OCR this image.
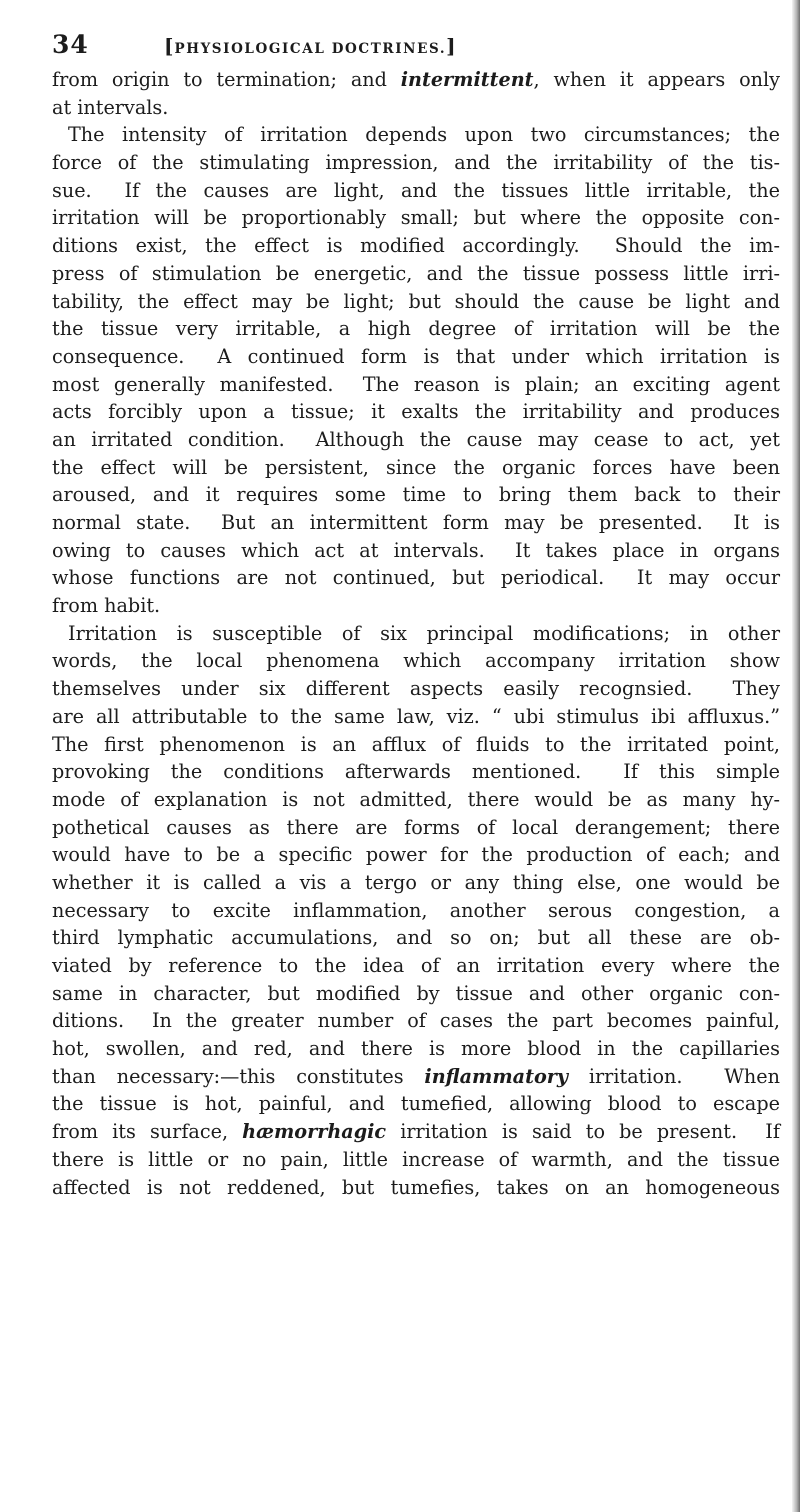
34	[PHYSIOLOGICAL DOCTRINES.]
from origin to termination; and intermittent, when it appears only
at intervals.
The intensity of irritation depends upon two circumstances; the
force of the stimulating impression, and the irritability of the tis-
sue.  If the causes are light, and the tissues little irritable, the
irritation will be proportionably small; but where the opposite con-
ditions exist, the effect is modified accordingly.  Should the im-
press of stimulation be energetic, and the tissue possess little irri-
tability, the effect may be light; but should the cause be light and
the tissue very irritable, a high degree of irritation will be the
consequence.  A continued form is that under which irritation is
most generally manifested.  The reason is plain; an exciting agent
acts forcibly upon a tissue; it exalts the irritability and produces
an irritated condition.  Although the cause may cease to act, yet
the effect will be persistent, since the organic forces have been
aroused, and it requires some time to bring them back to their
normal state.  But an intermittent form may be presented.  It is
owing to causes which act at intervals.  It takes place in organs
whose functions are not continued, but periodical.  It may occur
from habit.
Irritation is susceptible of six principal modifications; in other
words, the local phenomena which accompany irritation show
themselves under six different aspects easily recognsied.  They
are all attributable to the same law, viz. “ ubi stimulus ibi affluxus.”
The first phenomenon is an afflux of fluids to the irritated point,
provoking the conditions afterwards mentioned.  If this simple
mode of explanation is not admitted, there would be as many hy-
pothetical causes as there are forms of local derangement; there
would have to be a specific power for the production of each; and
whether it is called a vis a tergo or any thing else, one would be
necessary to excite inflammation, another serous congestion, a
third lymphatic accumulations, and so on; but all these are ob-
viated by reference to the idea of an irritation every where the
same in character, but modified by tissue and other organic con-
ditions.  In the greater number of cases the part becomes painful,
hot, swollen, and red, and there is more blood in the capillaries
than necessary:—this constitutes inflammatory irritation.  When
the tissue is hot, painful, and tumefied, allowing blood to escape
from its surface, hæmorrhagic irritation is said to be present.  If
there is little or no pain, little increase of warmth, and the tissue
affected is not reddened, but tumefies, takes on an homogeneous
